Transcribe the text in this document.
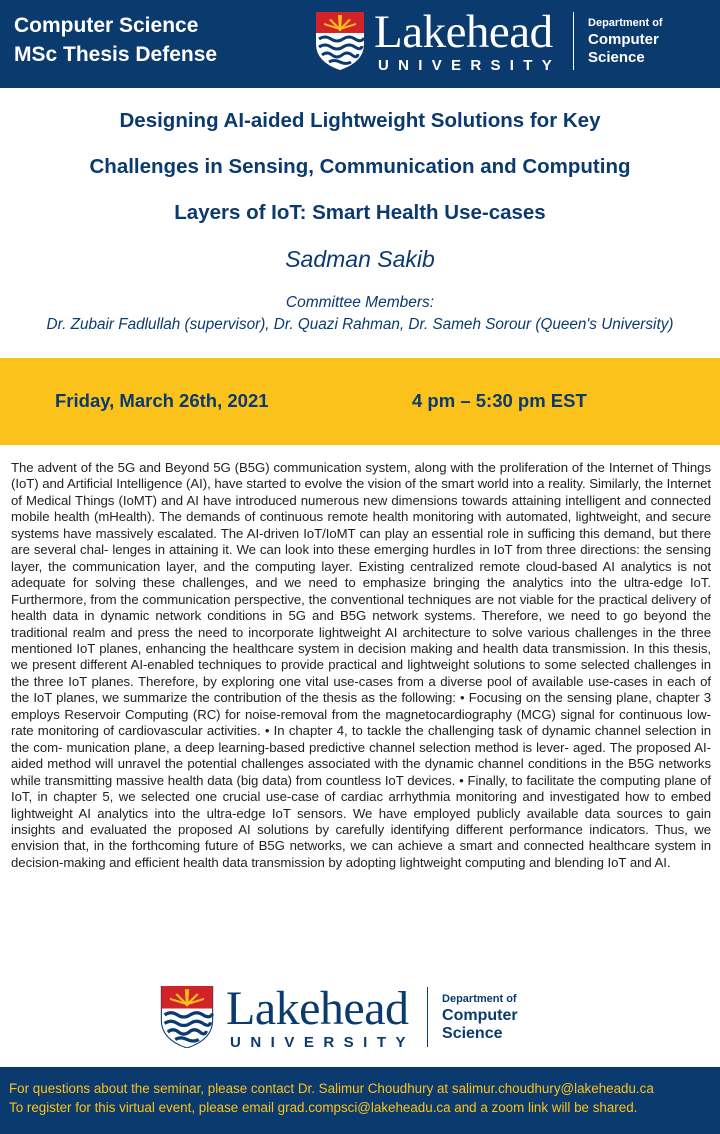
Computer Science
MSc Thesis Defense	Lakehead
UNIVERSITY
Department of
Computer
Science
Designing AI-aided Lightweight Solutions for Key
Challenges in Sensing, Communication and Computing
Layers of IoT: Smart Health Use-cases
Sadman Sakib
Committee Members:
Dr. Zubair Fadlullah (supervisor), Dr. Quazi Rahman, Dr. Sameh Sorour (Queen's University)
Friday, March 26th, 2021	4 pm – 5:30 pm EST
The advent of the 5G and Beyond 5G (B5G) communication system, along with the proliferation of the Internet of Things (IoT) and Artificial Intelligence (AI), have started to evolve the vision of the smart world into a reality. Similarly, the Internet of Medical Things (IoMT) and AI have introduced numerous new dimensions towards attaining intelligent and connected mobile health (mHealth). The demands of continuous remote health monitoring with automated, lightweight, and secure systems have massively escalated. The AI-driven IoT/IoMT can play an essential role in sufficing this demand, but there are several chal- lenges in attaining it. We can look into these emerging hurdles in IoT from three directions: the sensing layer, the communication layer, and the computing layer. Existing centralized remote cloud-based AI analytics is not adequate for solving these challenges, and we need to emphasize bringing the analytics into the ultra-edge IoT. Furthermore, from the communication perspective, the conventional techniques are not viable for the practical delivery of health data in dynamic network conditions in 5G and B5G network systems. Therefore, we need to go beyond the traditional realm and press the need to incorporate lightweight AI architecture to solve various challenges in the three mentioned IoT planes, enhancing the healthcare system in decision making and health data transmission. In this thesis, we present different AI-enabled techniques to provide practical and lightweight solutions to some selected challenges in the three IoT planes. Therefore, by exploring one vital use-cases from a diverse pool of available use-cases in each of the IoT planes, we summarize the contribution of the thesis as the following: • Focusing on the sensing plane, chapter 3 employs Reservoir Computing (RC) for noise-removal from the magnetocardiography (MCG) signal for continuous low-rate monitoring of cardiovascular activities. • In chapter 4, to tackle the challenging task of dynamic channel selection in the com- munication plane, a deep learning-based predictive channel selection method is lever- aged. The proposed AI-aided method will unravel the potential challenges associated with the dynamic channel conditions in the B5G networks while transmitting massive health data (big data) from countless IoT devices. • Finally, to facilitate the computing plane of IoT, in chapter 5, we selected one crucial use-case of cardiac arrhythmia monitoring and investigated how to embed lightweight AI analytics into the ultra-edge IoT sensors. We have employed publicly available data sources to gain insights and evaluated the proposed AI solutions by carefully identifying different performance indicators. Thus, we envision that, in the forthcoming future of B5G networks, we can achieve a smart and connected healthcare system in decision-making and efficient health data transmission by adopting lightweight computing and blending IoT and AI.
Lakehead
UNIVERSITY
Department of
Computer
Science
For questions about the seminar, please contact Dr. Salimur Choudhury at salimur.choudhury@lakeheadu.ca
To register for this virtual event, please email grad.compsci@lakeheadu.ca and a zoom link will be shared.
